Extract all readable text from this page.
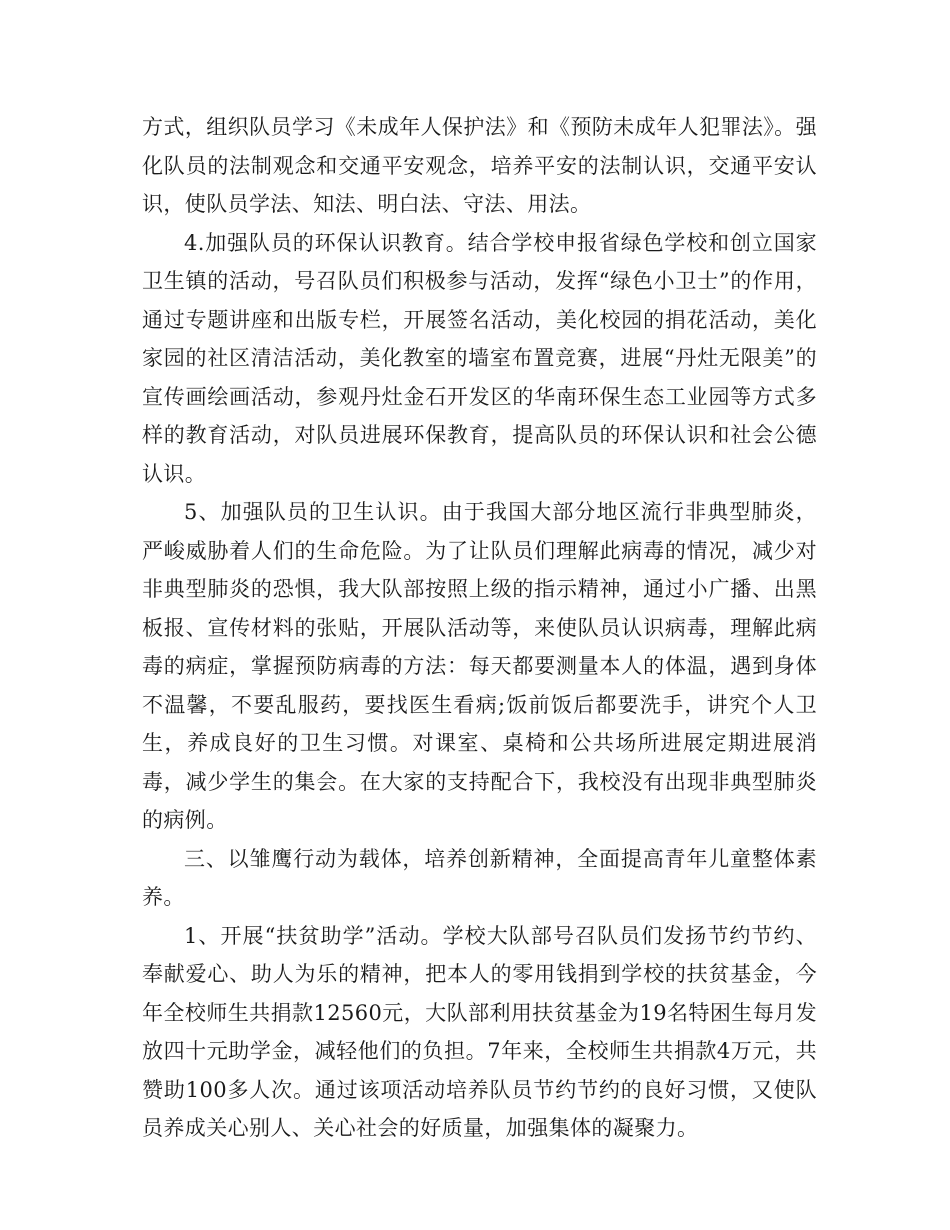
方式，组织队员学习《未成年人保护法》和《预防未成年人犯罪法》。强化队员的法制观念和交通平安观念，培养平安的法制认识，交通平安认识，使队员学法、知法、明白法、守法、用法。

4.加强队员的环保认识教育。结合学校申报省绿色学校和创立国家卫生镇的活动，号召队员们积极参与活动，发挥“绿色小卫士”的作用，通过专题讲座和出版专栏，开展签名活动，美化校园的捐花活动，美化家园的社区清洁活动，美化教室的墙室布置竞赛，进展“丹灶无限美”的宣传画绘画活动，参观丹灶金石开发区的华南环保生态工业园等方式多样的教育活动，对队员进展环保教育，提高队员的环保认识和社会公德认识。

5、加强队员的卫生认识。由于我国大部分地区流行非典型肺炎，严峻威胁着人们的生命危险。为了让队员们理解此病毒的情况，减少对非典型肺炎的恐惧，我大队部按照上级的指示精神，通过小广播、出黑板报、宣传材料的张贴，开展队活动等，来使队员认识病毒，理解此病毒的病症，掌握预防病毒的方法：每天都要测量本人的体温，遇到身体不温馨，不要乱服药，要找医生看病;饭前饭后都要洗手，讲究个人卫生，养成良好的卫生习惯。对课室、桌椅和公共场所进展定期进展消毒，减少学生的集会。在大家的支持配合下，我校没有出现非典型肺炎的病例。

三、以雏鹰行动为载体，培养创新精神，全面提高青年儿童整体素养。

1、开展“扶贫助学”活动。学校大队部号召队员们发扬节约节约、奉献爱心、助人为乐的精神，把本人的零用钱捐到学校的扶贫基金，今年全校师生共捐款12560元，大队部利用扶贫基金为19名特困生每月发放四十元助学金，减轻他们的负担。7年来，全校师生共捐款4万元，共赞助100多人次。通过该项活动培养队员节约节约的良好习惯，又使队员养成关心别人、关心社会的好质量，加强集体的凝聚力。
